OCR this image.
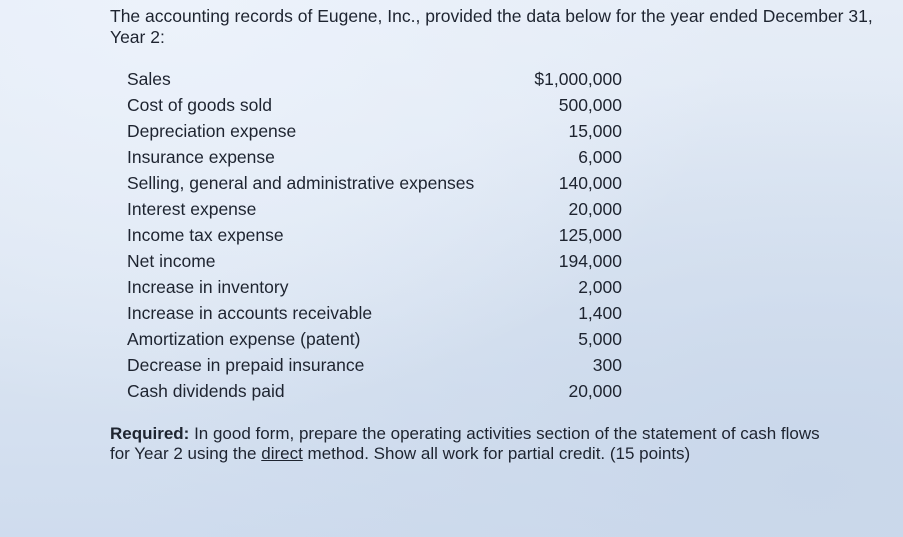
The accounting records of Eugene, Inc., provided the data below for the year ended December 31, Year 2:

Sales	$1,000,000
Cost of goods sold	500,000
Depreciation expense	15,000
Insurance expense	6,000
Selling, general and administrative expenses	140,000
Interest expense	20,000
Income tax expense	125,000
Net income	194,000
Increase in inventory	2,000
Increase in accounts receivable	1,400
Amortization expense (patent)	5,000
Decrease in prepaid insurance	300
Cash dividends paid	20,000

Required: In good form, prepare the operating activities section of the statement of cash flows for Year 2 using the direct method. Show all work for partial credit. (15 points)
